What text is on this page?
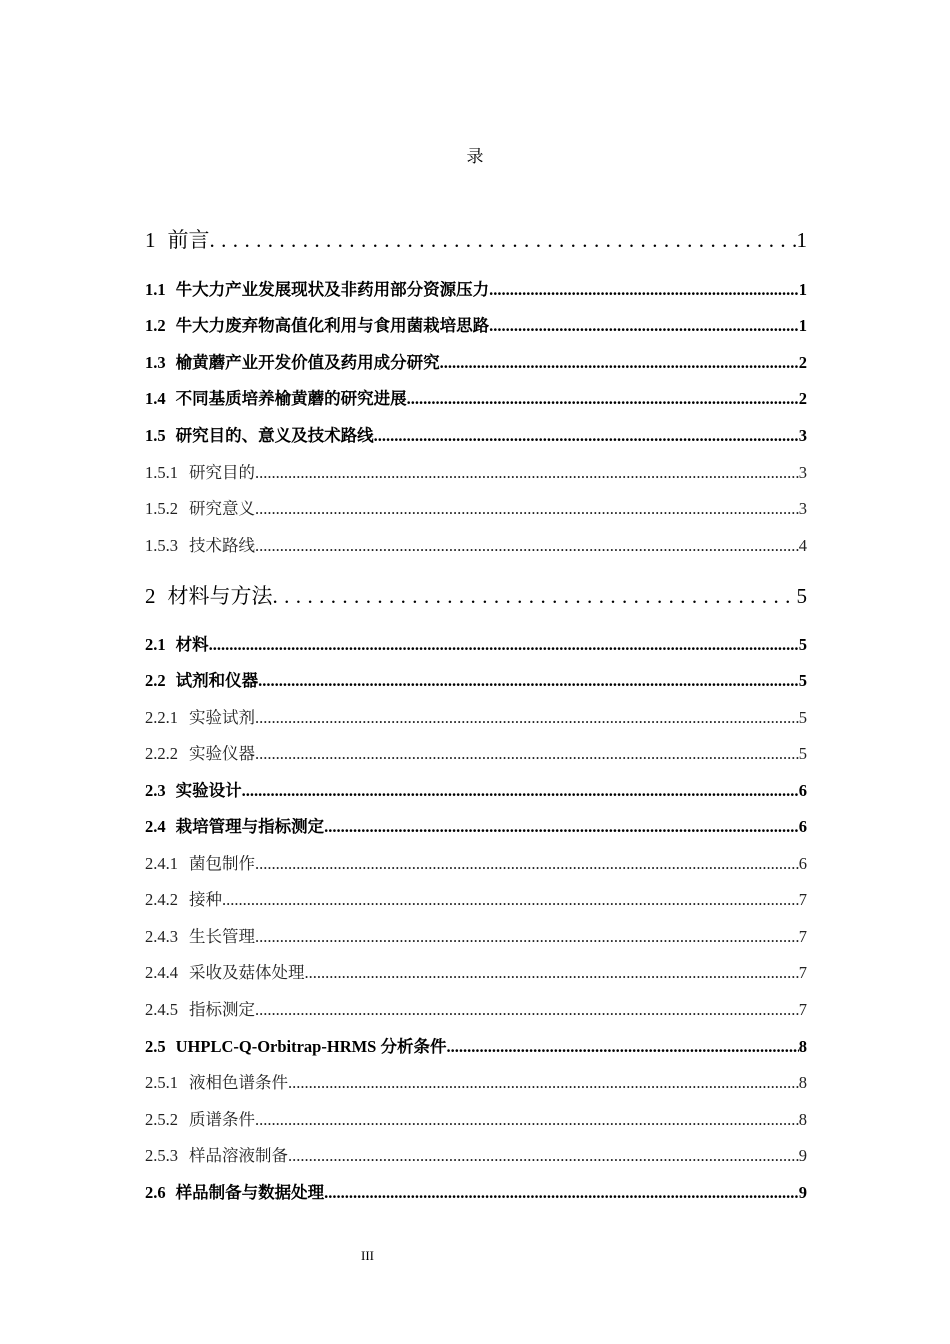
录
1 前言 .....	1
1.1 牛大力产业发展现状及非药用部分资源压力 .....	1
1.2 牛大力废弃物高值化利用与食用菌栽培思路 .....	1
1.3 榆黄蘑产业开发价值及药用成分研究 .....	2
1.4 不同基质培养榆黄蘑的研究进展 .....	2
1.5 研究目的、意义及技术路线 .....	3
1.5.1 研究目的 .....	3
1.5.2 研究意义 .....	3
1.5.3 技术路线 .....	4
2 材料与方法 .....	5
2.1 材料 .....	5
2.2 试剂和仪器 .....	5
2.2.1 实验试剂 .....	5
2.2.2 实验仪器 .....	5
2.3 实验设计 .....	6
2.4 栽培管理与指标测定 .....	6
2.4.1 菌包制作 .....	6
2.4.2 接种 .....	7
2.4.3 生长管理 .....	7
2.4.4 采收及菇体处理 .....	7
2.4.5 指标测定 .....	7
2.5 UHPLC-Q-Orbitrap-HRMS 分析条件 .....	8
2.5.1 液相色谱条件 .....	8
2.5.2 质谱条件 .....	8
2.5.3 样品溶液制备 .....	9
2.6 样品制备与数据处理 .....	9
III
